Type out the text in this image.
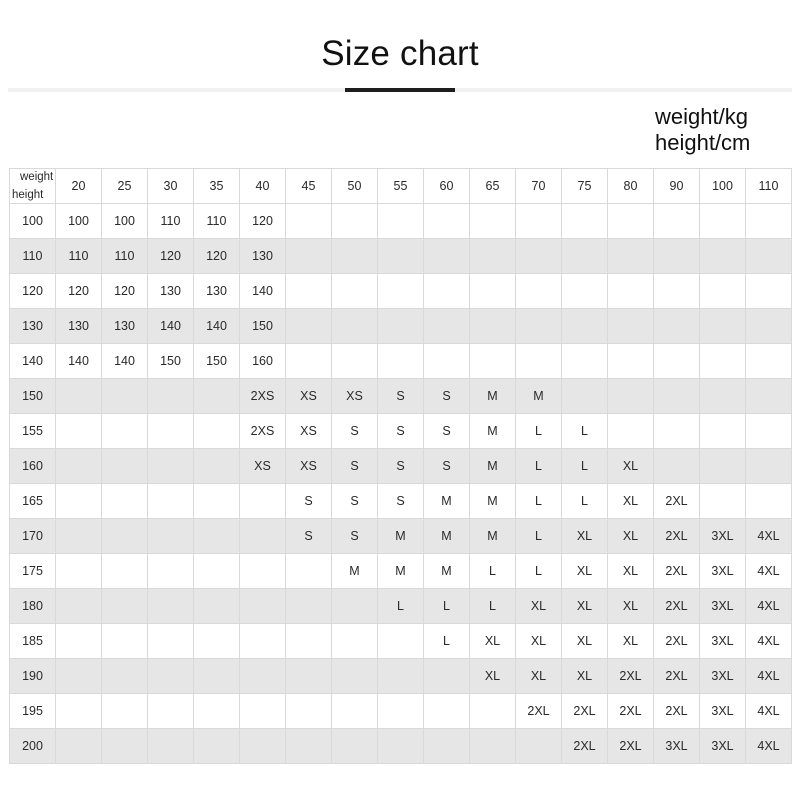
Size chart
weight/kg
height/cm
weight
height	20	25	30	35	40	45	50	55	60	65	70	75	80	90	100	110
100	100	100	110	110	120											
110	110	110	120	120	130											
120	120	120	130	130	140											
130	130	130	140	140	150											
140	140	140	150	150	160											
150					2XS	XS	XS	S	S	M	M					
155					2XS	XS	S	S	S	M	L	L				
160					XS	XS	S	S	S	M	L	L	XL			
165						S	S	S	M	M	L	L	XL	2XL		
170						S	S	M	M	M	L	XL	XL	2XL	3XL	4XL
175							M	M	M	L	L	XL	XL	2XL	3XL	4XL
180								L	L	L	XL	XL	XL	2XL	3XL	4XL
185									L	XL	XL	XL	XL	2XL	3XL	4XL
190										XL	XL	XL	2XL	2XL	3XL	4XL
195											2XL	2XL	2XL	2XL	3XL	4XL
200												2XL	2XL	3XL	3XL	4XL
